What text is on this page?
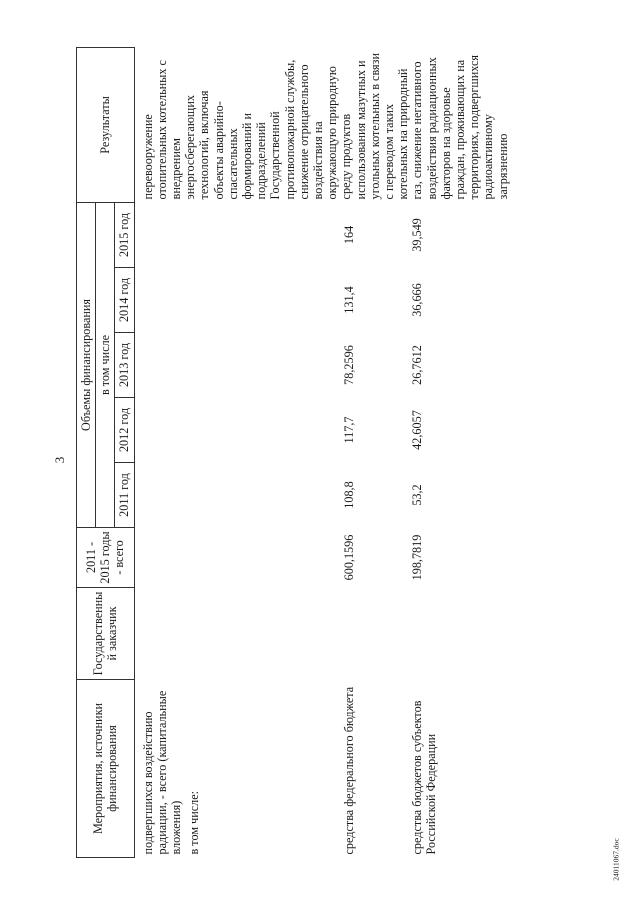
3
Мероприятия, источники финансирования	Государственный заказчик	2011 - 2015 годы - всего	Объемы финансирования					Результаты
			в том числе					
			2011 год	2012 год	2013 год	2014 год	2015 год	

подвергшихся воздействию радиации, - всего (капитальные вложения) в том числе:								перевооружение отопительных котельных с внедрением энергосберегающих технологий, включая объекты аварийно-спасательных формирований и подразделений Государственной противопожарной службы, снижение отрицательного воздействия на окружающую природную среду продуктов использования мазутных и угольных котельных в связи с переводом таких котельных на природный газ, снижение негативного воздействия радиационных факторов на здоровье граждан, проживающих на территориях, подвергшихся радиоактивному загрязнению

средства федерального бюджета		600,1596	108,8	117,7	78,2596	131,4	164	
средства бюджетов субъектов Российской Федерации		198,7819	53,2	42,6057	26,7612	36,666	39,549	
24011067.doc
